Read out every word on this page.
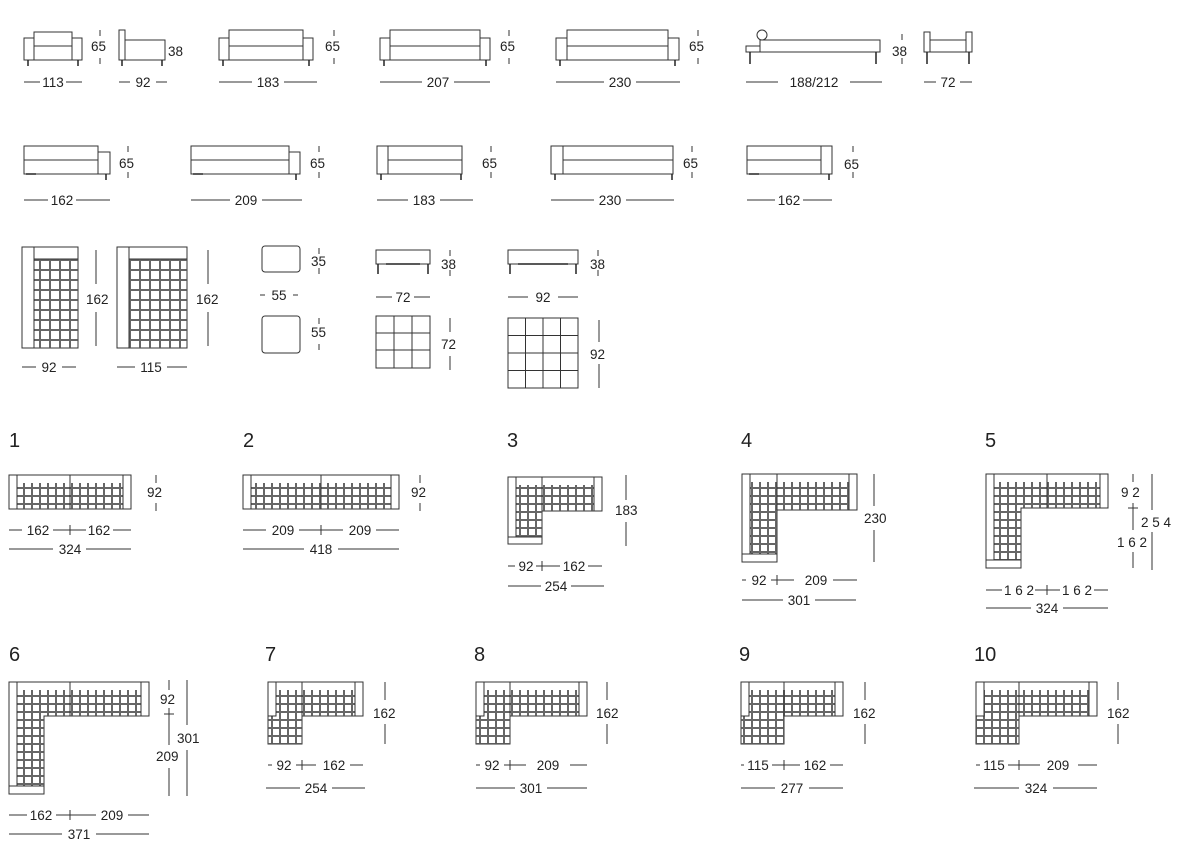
65
113
38
92
65
183
65
207
65
230
38
188/212	72
65
162
65
209
65
183
65
230
65
162
162
92
162
115
35
55
55
38
72
72
38
92
92
1
92
162	162
324
2
92
209	209
418
3
183
92 162
254
4
230
92	209
301
5
9 2
1 6 2
2 5 4
1 6 2 1 6 2
324
6
92
209
301
162	209
371
7
162
92 162
254
8
162
92	209
301
9
162
115	162
277
10
162
115	209
324
